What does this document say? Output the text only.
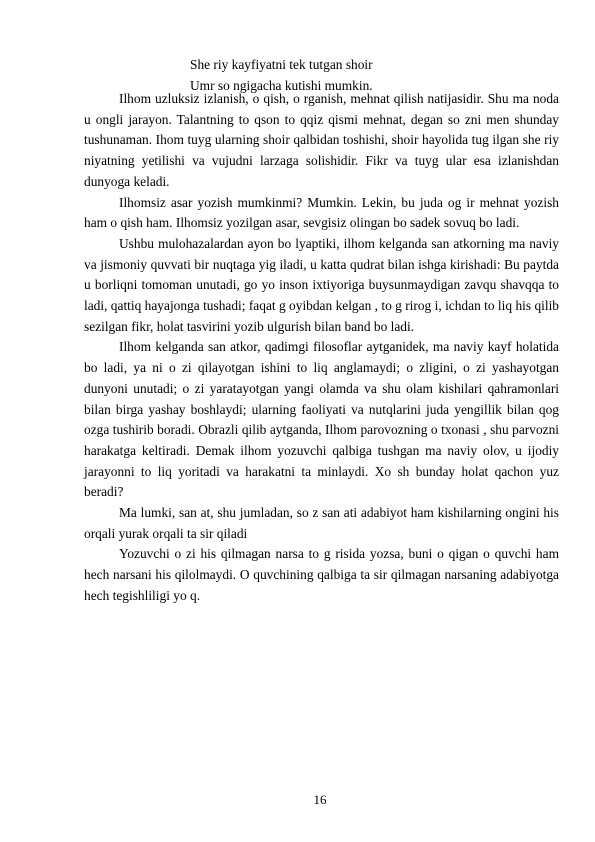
She riy kayfiyatni tek tutgan shoir
Umr so ngigacha kutishi mumkin.

Ilhom uzluksiz izlanish, o qish, o rganish, mehnat qilish natijasidir. Shu ma noda u ongli jarayon. Talantning to qson to qqiz qismi mehnat, degan so zni men shunday tushunaman. Ihom tuyg ularning shoir qalbidan toshishi, shoir hayolida tug ilgan she riy niyatning yetilishi va vujudni larzaga solishidir. Fikr va tuyg ular esa izlanishdan dunyoga keladi.

Ilhomsiz asar yozish mumkinmi? Mumkin. Lekin, bu juda og ir mehnat yozish ham o qish ham. Ilhomsiz yozilgan asar, sevgisiz olingan bo sadek sovuq bo ladi.

Ushbu mulohazalardan ayon bo lyaptiki, ilhom kelganda san atkorning ma naviy va jismoniy quvvati bir nuqtaga yig iladi, u katta qudrat bilan ishga kirishadi: Bu paytda u borliqni tomoman unutadi, go yo inson ixtiyoriga buysunmaydigan zavqu shavqqa to ladi, qattiq hayajonga tushadi; faqat g oyibdan kelgan , to g rirog i, ichdan to liq his qilib sezilgan fikr, holat tasvirini yozib ulgurish bilan band bo ladi.

Ilhom kelganda san atkor, qadimgi filosoflar aytganidek, ma naviy kayf holatida bo ladi, ya ni o zi qilayotgan ishini to liq anglamaydi; o zligini, o zi yashayotgan dunyoni unutadi; o zi yaratayotgan yangi olamda va shu olam kishilari qahramonlari bilan birga yashay boshlaydi; ularning faoliyati va nutqlarini juda yengillik bilan qog ozga tushirib boradi. Obrazli qilib aytganda, Ilhom parovozning o txonasi , shu parvozni harakatga keltiradi. Demak ilhom yozuvchi qalbiga tushgan ma naviy olov, u ijodiy jarayonni to liq yoritadi va harakatni ta minlaydi. Xo sh bunday holat qachon yuz beradi?

Ma lumki, san at, shu jumladan, so z san ati adabiyot ham kishilarning ongini his orqali yurak orqali ta sir qiladi

Yozuvchi o zi his qilmagan narsa to g risida yozsa, buni o qigan o quvchi ham hech narsani his qilolmaydi. O quvchining qalbiga ta sir qilmagan narsaning adabiyotga hech tegishliligi yo q.

16
